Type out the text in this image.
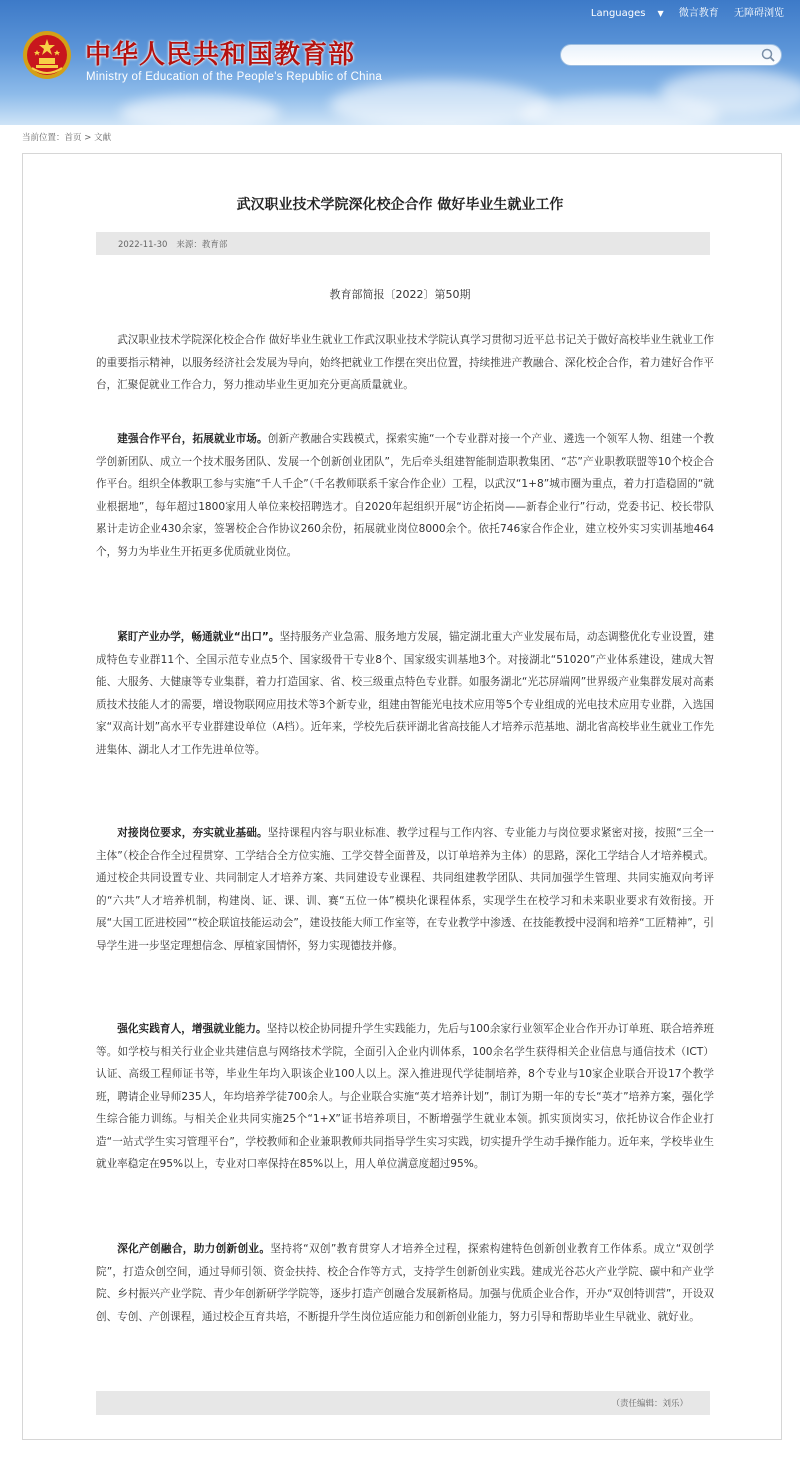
中华人民共和国教育部
Ministry of Education of the People's Republic of China
Languages ▼ 微言教育 无障碍浏览
当前位置：首页 > 文献
武汉职业技术学院深化校企合作 做好毕业生就业工作
2022-11-30 来源：教育部
教育部简报〔2022〕第50期

武汉职业技术学院深化校企合作 做好毕业生就业工作武汉职业技术学院认真学习贯彻习近平总书记关于做好高校毕业生就业工作的重要指示精神，以服务经济社会发展为导向，始终把就业工作摆在突出位置，持续推进产教融合、深化校企合作，着力建好合作平台，汇聚促就业工作合力，努力推动毕业生更加充分更高质量就业。

建强合作平台，拓展就业市场。创新产教融合实践模式，探索实施“一个专业群对接一个产业、遴选一个领军人物、组建一个教学创新团队、成立一个技术服务团队、发展一个创新创业团队”，先后牵头组建智能制造职教集团、“芯”产业职教联盟等10个校企合作平台。组织全体教职工参与实施“千人千企”（千名教师联系千家合作企业）工程，以武汉“1+8”城市圈为重点，着力打造稳固的“就业根据地”，每年超过1800家用人单位来校招聘选才。自2020年起组织开展“访企拓岗——新春企业行”行动，党委书记、校长带队累计走访企业430余家，签署校企合作协议260余份，拓展就业岗位8000余个。依托746家合作企业，建立校外实习实训基地464个，努力为毕业生开拓更多优质就业岗位。

紧盯产业办学，畅通就业“出口”。坚持服务产业急需、服务地方发展，锚定湖北重大产业发展布局，动态调整优化专业设置，建成特色专业群11个、全国示范专业点5个、国家级骨干专业8个、国家级实训基地3个。对接湖北“51020”产业体系建设，建成大智能、大服务、大健康等专业集群，着力打造国家、省、校三级重点特色专业群。如服务湖北“光芯屏端网”世界级产业集群发展对高素质技术技能人才的需要，增设物联网应用技术等3个新专业，组建由智能光电技术应用等5个专业组成的光电技术应用专业群，入选国家“双高计划”高水平专业群建设单位（A档）。近年来，学校先后获评湖北省高技能人才培养示范基地、湖北省高校毕业生就业工作先进集体、湖北人才工作先进单位等。

对接岗位要求，夯实就业基础。坚持课程内容与职业标准、教学过程与工作内容、专业能力与岗位要求紧密对接，按照“三全一主体”（校企合作全过程贯穿、工学结合全方位实施、工学交替全面普及，以订单培养为主体）的思路，深化工学结合人才培养模式。通过校企共同设置专业、共同制定人才培养方案、共同建设专业课程、共同组建教学团队、共同加强学生管理、共同实施双向考评的“六共”人才培养机制，构建岗、证、课、训、赛“五位一体”模块化课程体系，实现学生在校学习和未来职业要求有效衔接。开展“大国工匠进校园”“校企联谊技能运动会”，建设技能大师工作室等，在专业教学中渗透、在技能教授中浸润和培养“工匠精神”，引导学生进一步坚定理想信念、厚植家国情怀，努力实现德技并修。

强化实践育人，增强就业能力。坚持以校企协同提升学生实践能力，先后与100余家行业领军企业合作开办订单班、联合培养班等。如学校与相关行业企业共建信息与网络技术学院，全面引入企业内训体系，100余名学生获得相关企业信息与通信技术（ICT）认证、高级工程师证书等，毕业生年均入职该企业100人以上。深入推进现代学徒制培养，8个专业与10家企业联合开设17个教学班，聘请企业导师235人，年均培养学徒700余人。与企业联合实施“英才培养计划”，制订为期一年的专长“英才”培养方案，强化学生综合能力训练。与相关企业共同实施25个“1+X”证书培养项目，不断增强学生就业本领。抓实顶岗实习，依托协议合作企业打造“一站式学生实习管理平台”，学校教师和企业兼职教师共同指导学生实习实践，切实提升学生动手操作能力。近年来，学校毕业生就业率稳定在95%以上，专业对口率保持在85%以上，用人单位满意度超过95%。

深化产创融合，助力创新创业。坚持将“双创”教育贯穿人才培养全过程，探索构建特色创新创业教育工作体系。成立“双创学院”，打造众创空间，通过导师引领、资金扶持、校企合作等方式，支持学生创新创业实践。建成光谷芯火产业学院、碳中和产业学院、乡村振兴产业学院、青少年创新研学学院等，逐步打造产创融合发展新格局。加强与优质企业合作，开办“双创特训营”，开设双创、专创、产创课程，通过校企互育共培，不断提升学生岗位适应能力和创新创业能力，努力引导和帮助毕业生早就业、就好业。

（责任编辑：刘乐）
